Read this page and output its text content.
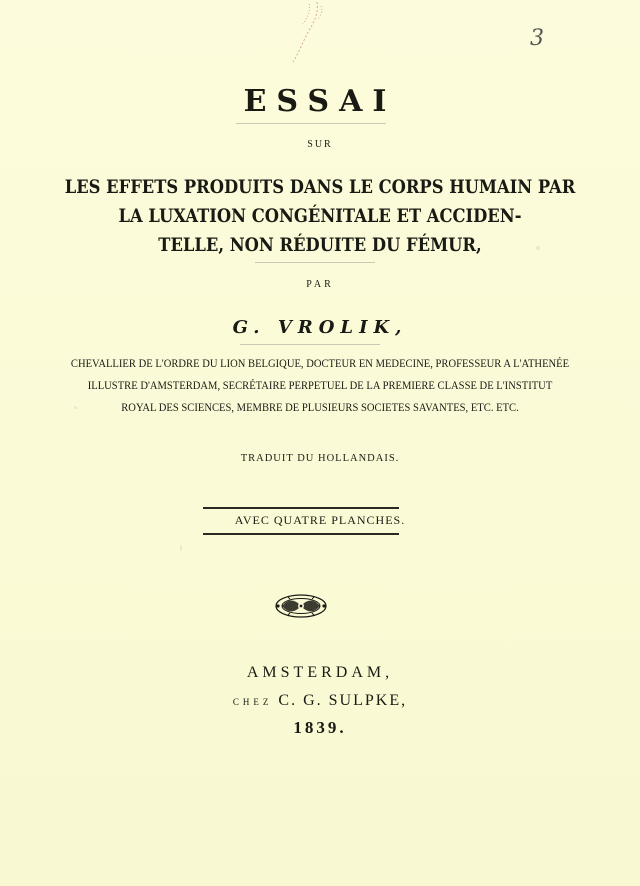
3
ESSAI
SUR
LES EFFETS PRODUITS DANS LE CORPS HUMAIN PAR
LA LUXATION CONGÉNITALE ET ACCIDEN-
TELLE, NON RÉDUITE DU FÉMUR,
PAR
G. VROLIK,
CHEVALLIER DE L'ORDRE DU LION BELGIQUE, DOCTEUR EN MEDECINE, PROFESSEUR A L'ATHENÉE
ILLUSTRE D'AMSTERDAM, SECRÉTAIRE PERPETUEL DE LA PREMIERE CLASSE DE L'INSTITUT
ROYAL DES SCIENCES, MEMBRE DE PLUSIEURS SOCIETES SAVANTES, ETC. ETC.
TRADUIT DU HOLLANDAIS.
AVEC QUATRE PLANCHES.
AMSTERDAM,
CHEZ C. G. SULPKE,
1839.
